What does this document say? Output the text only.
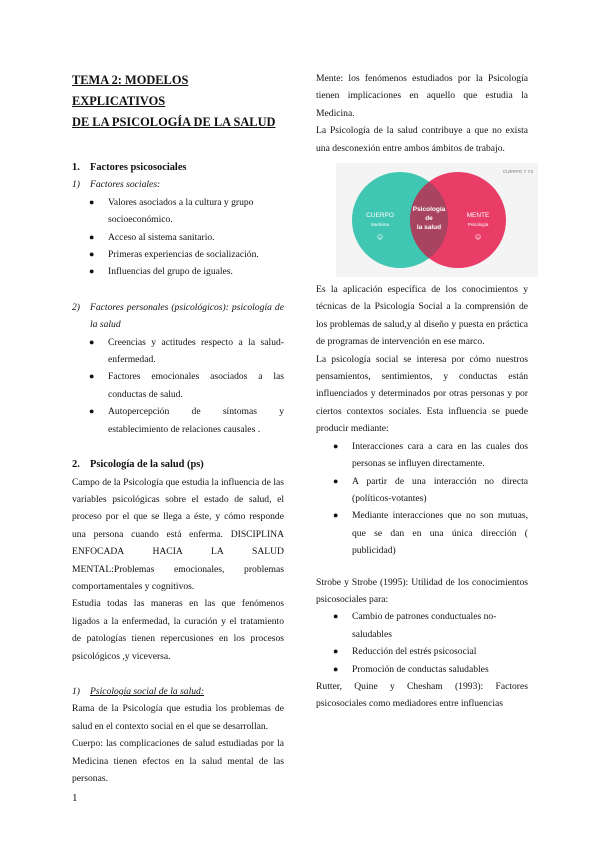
TEMA 2: MODELOS EXPLICATIVOS
DE LA PSICOLOGÍA DE LA SALUD
1. Factores psicosociales
1) Factores sociales:
● Valores asociados a la cultura y grupo socioeconómico.
● Acceso al sistema sanitario.
● Primeras experiencias de socialización.
● Influencias del grupo de iguales.
2) Factores personales (psicológicos): psicología de la salud
● Creencias y actitudes respecto a la salud-enfermedad.
● Factores emocionales asociados a las conductas de salud.
● Autopercepción de síntomas y establecimiento de relaciones causales .
2. Psicología de la salud (ps)
Campo de la Psicología que estudia la influencia de las variables psicológicas sobre el estado de salud, el proceso por el que se llega a éste, y cómo responde una persona cuando está enferma. DISCIPLINA ENFOCADA HACIA LA SALUD MENTAL:Problemas emocionales, problemas comportamentales y cognitivos.
Estudia todas las maneras en las que fenómenos ligados a la enfermedad, la curación y el tratamiento de patologías tienen repercusiones en los procesos psicológicos ,y viceversa.
1) Psicología social de la salud:
Rama de la Psicología que estudia los problemas de salud en el contexto social en el que se desarrollan.
Cuerpo: las complicaciones de salud estudiadas por la Medicina tienen efectos en la salud mental de las personas.
Mente: los fenómenos estudiados por la Psicología tienen implicaciones en aquello que estudia la Medicina.
La Psicología de la salud contribuye a que no exista una desconexión entre ambos ámbitos de trabajo.
CUERPO
Medicina
☺
Psicología
de
la salud
MENTE
Psicología
☺
CUERPO Y Y3
Es la aplicación específica de los conocimientos y técnicas de la Psicología Social a la comprensión de los problemas de salud,y al diseño y puesta en práctica de programas de intervención en ese marco.
La psicología social se interesa por cómo nuestros pensamientos, sentimientos, y conductas están influenciados y determinados por otras personas y por ciertos contextos sociales. Esta influencia se puede producir mediante:
● Interacciones cara a cara en las cuales dos personas se influyen directamente.
● A partir de una interacción no directa (políticos-votantes)
● Mediante interacciones que no son mutuas, que se dan en una única dirección ( publicidad)
Strobe y Strobe (1995): Utilidad de los conocimientos psicosociales para:
● Cambio de patrones conductuales no-saludables
● Reducción del estrés psicosocial
● Promoción de conductas saludables
Rutter, Quine y Chesham (1993): Factores psicosociales como mediadores entre influencias
1
